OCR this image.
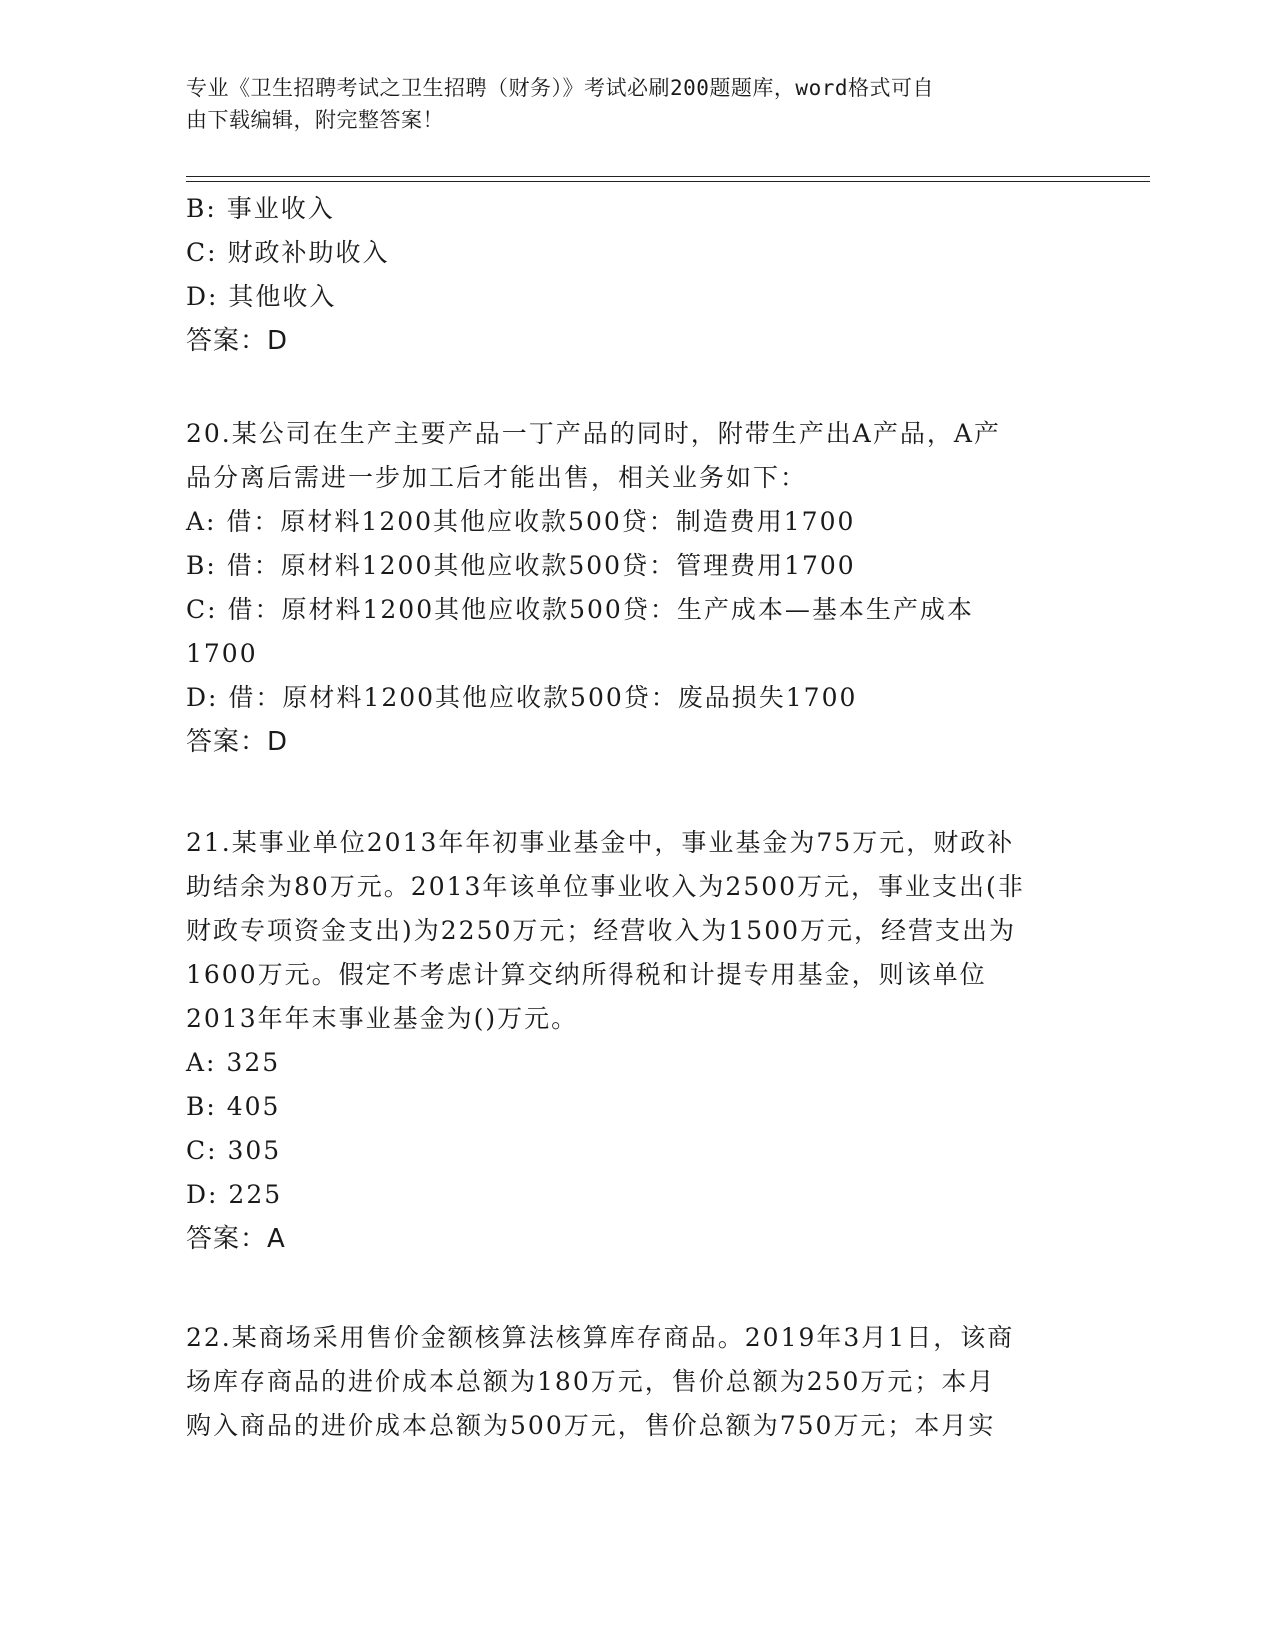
专业《卫生招聘考试之卫生招聘（财务）》考试必刷200题题库，word格式可自
由下载编辑，附完整答案！
B: 事业收入
C: 财政补助收入
D: 其他收入
答案：D
20.某公司在生产主要产品一丁产品的同时，附带生产出A产品，A产
品分离后需进一步加工后才能出售，相关业务如下：
A: 借：原材料1200其他应收款500贷：制造费用1700
B: 借：原材料1200其他应收款500贷：管理费用1700
C: 借：原材料1200其他应收款500贷：生产成本—基本生产成本
1700
D: 借：原材料1200其他应收款500贷：废品损失1700
答案：D
21.某事业单位2013年年初事业基金中，事业基金为75万元，财政补
助结余为80万元。2013年该单位事业收入为2500万元，事业支出(非
财政专项资金支出)为2250万元；经营收入为1500万元，经营支出为
1600万元。假定不考虑计算交纳所得税和计提专用基金，则该单位
2013年年末事业基金为()万元。
A: 325
B: 405
C: 305
D: 225
答案：A
22.某商场采用售价金额核算法核算库存商品。2019年3月1日，该商
场库存商品的进价成本总额为180万元，售价总额为250万元；本月
购入商品的进价成本总额为500万元，售价总额为750万元；本月实
